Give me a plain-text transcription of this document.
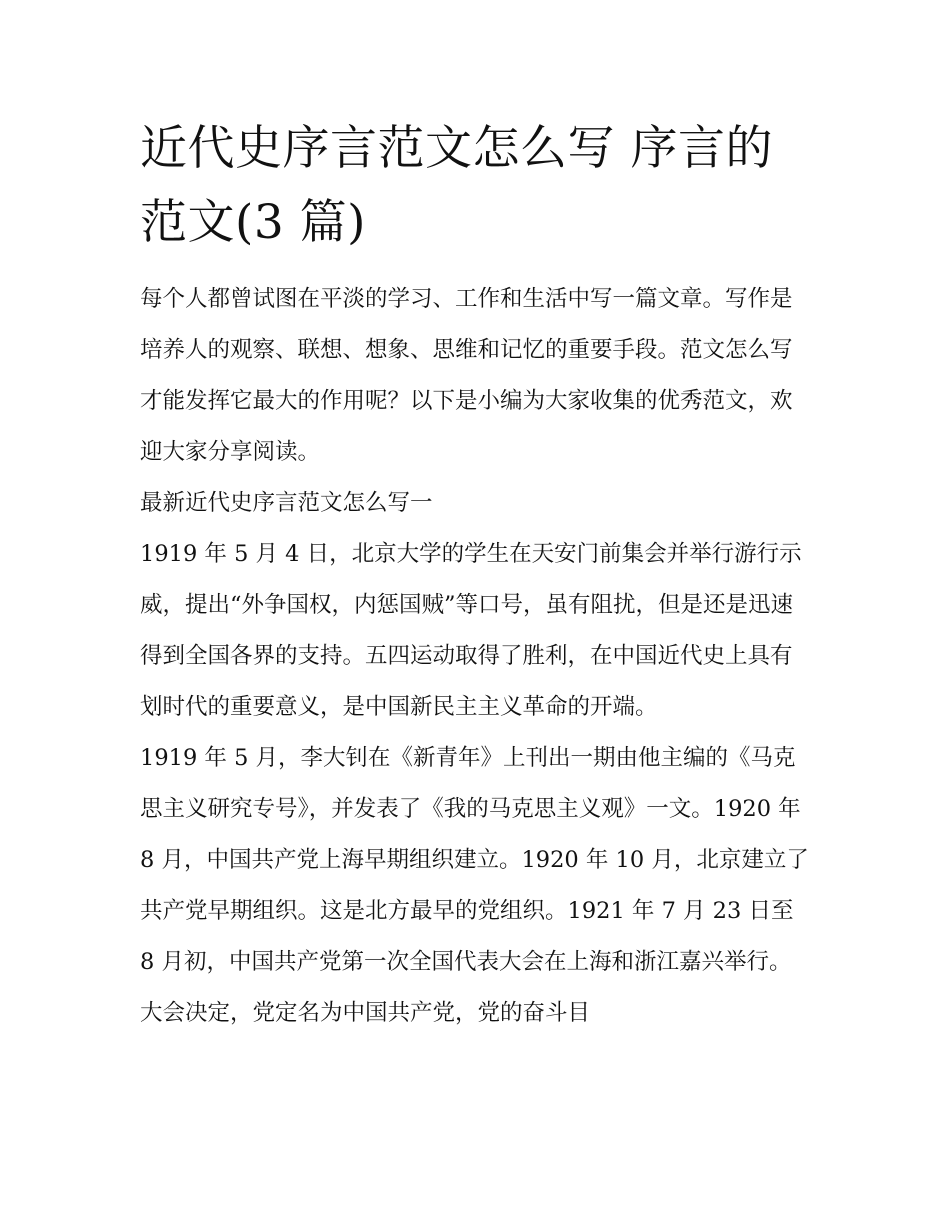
近代史序言范文怎么写 序言的范文(3 篇)

每个人都曾试图在平淡的学习、工作和生活中写一篇文章。写作是培养人的观察、联想、想象、思维和记忆的重要手段。范文怎么写才能发挥它最大的作用呢？以下是小编为大家收集的优秀范文，欢迎大家分享阅读。

最新近代史序言范文怎么写一

1919 年 5 月 4 日，北京大学的学生在天安门前集会并举行游行示威，提出“外争国权，内惩国贼”等口号，虽有阻扰，但是还是迅速得到全国各界的支持。五四运动取得了胜利，在中国近代史上具有划时代的重要意义，是中国新民主主义革命的开端。

1919 年 5 月，李大钊在《新青年》上刊出一期由他主编的《马克思主义研究专号》，并发表了《我的马克思主义观》一文。1920 年 8 月，中国共产党上海早期组织建立。1920 年 10 月，北京建立了共产党早期组织。这是北方最早的党组织。1921 年 7 月 23 日至 8 月初，中国共产党第一次全国代表大会在上海和浙江嘉兴举行。大会决定，党定名为中国共产党，党的奋斗目
